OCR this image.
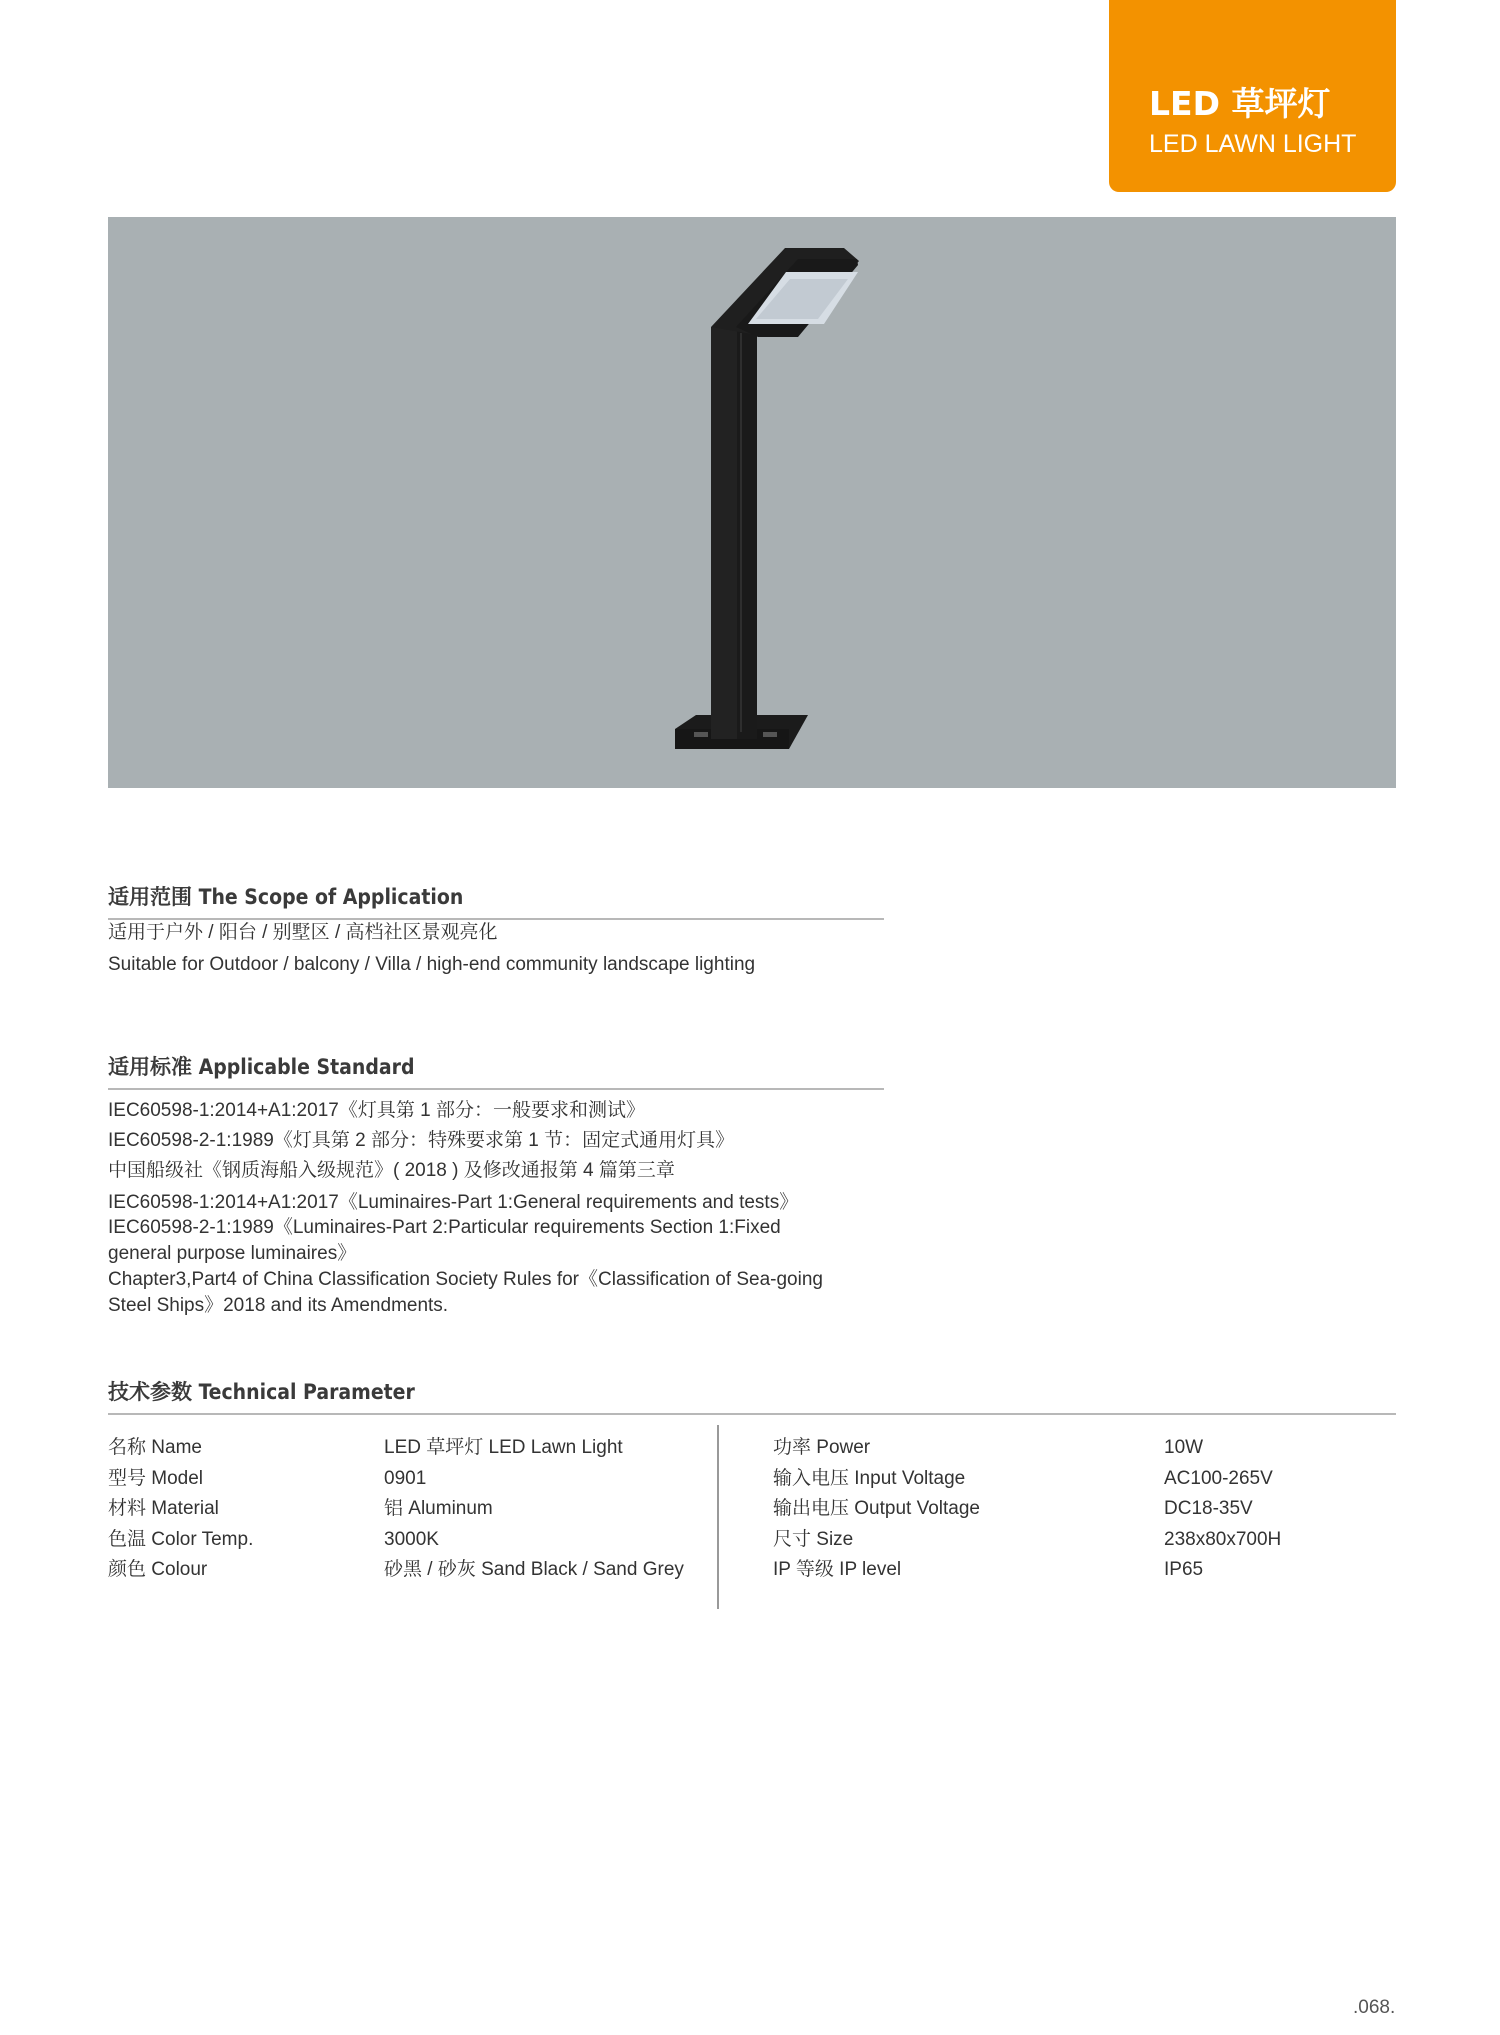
LED 草坪灯
LED LAWN LIGHT
适用范围 The Scope of Application
适用于户外 / 阳台 / 别墅区 / 高档社区景观亮化
Suitable for Outdoor / balcony / Villa / high-end community landscape lighting
适用标准 Applicable Standard
IEC60598-1:2014+A1:2017《灯具第 1 部分：一般要求和测试》
IEC60598-2-1:1989《灯具第 2 部分：特殊要求第 1 节：固定式通用灯具》
中国船级社《钢质海船入级规范》( 2018 ) 及修改通报第 4 篇第三章
IEC60598-1:2014+A1:2017《Luminaires-Part 1:General requirements and tests》
IEC60598-2-1:1989《Luminaires-Part 2:Particular requirements Section 1:Fixed
general purpose luminaires》
Chapter3,Part4 of China Classification Society Rules for《Classification of Sea-going
Steel Ships》2018 and its Amendments.
技术参数 Technical Parameter
名称 Name
型号 Model
材料 Material
色温 Color Temp.
颜色 Colour
LED 草坪灯 LED Lawn Light
0901
铝 Aluminum
3000K
砂黑 / 砂灰 Sand Black / Sand Grey
功率 Power
输入电压 Input Voltage
输出电压 Output Voltage
尺寸 Size
IP 等级 IP level
10W
AC100-265V
DC18-35V
238x80x700H
IP65
.068.
